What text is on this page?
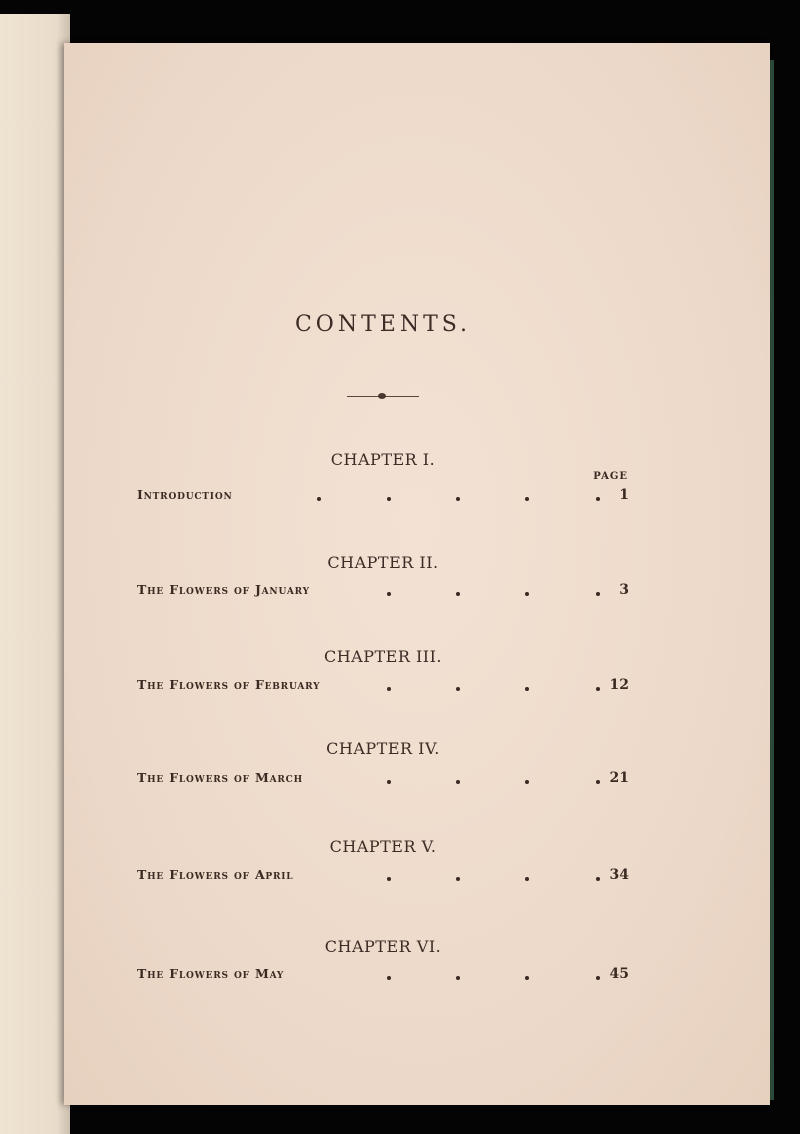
CONTENTS.
PAGE
CHAPTER I.
Introduction	1
CHAPTER II.
The Flowers of January	3
CHAPTER III.
The Flowers of February	12
CHAPTER IV.
The Flowers of March	21
CHAPTER V.
The Flowers of April	34
CHAPTER VI.
The Flowers of May	45
